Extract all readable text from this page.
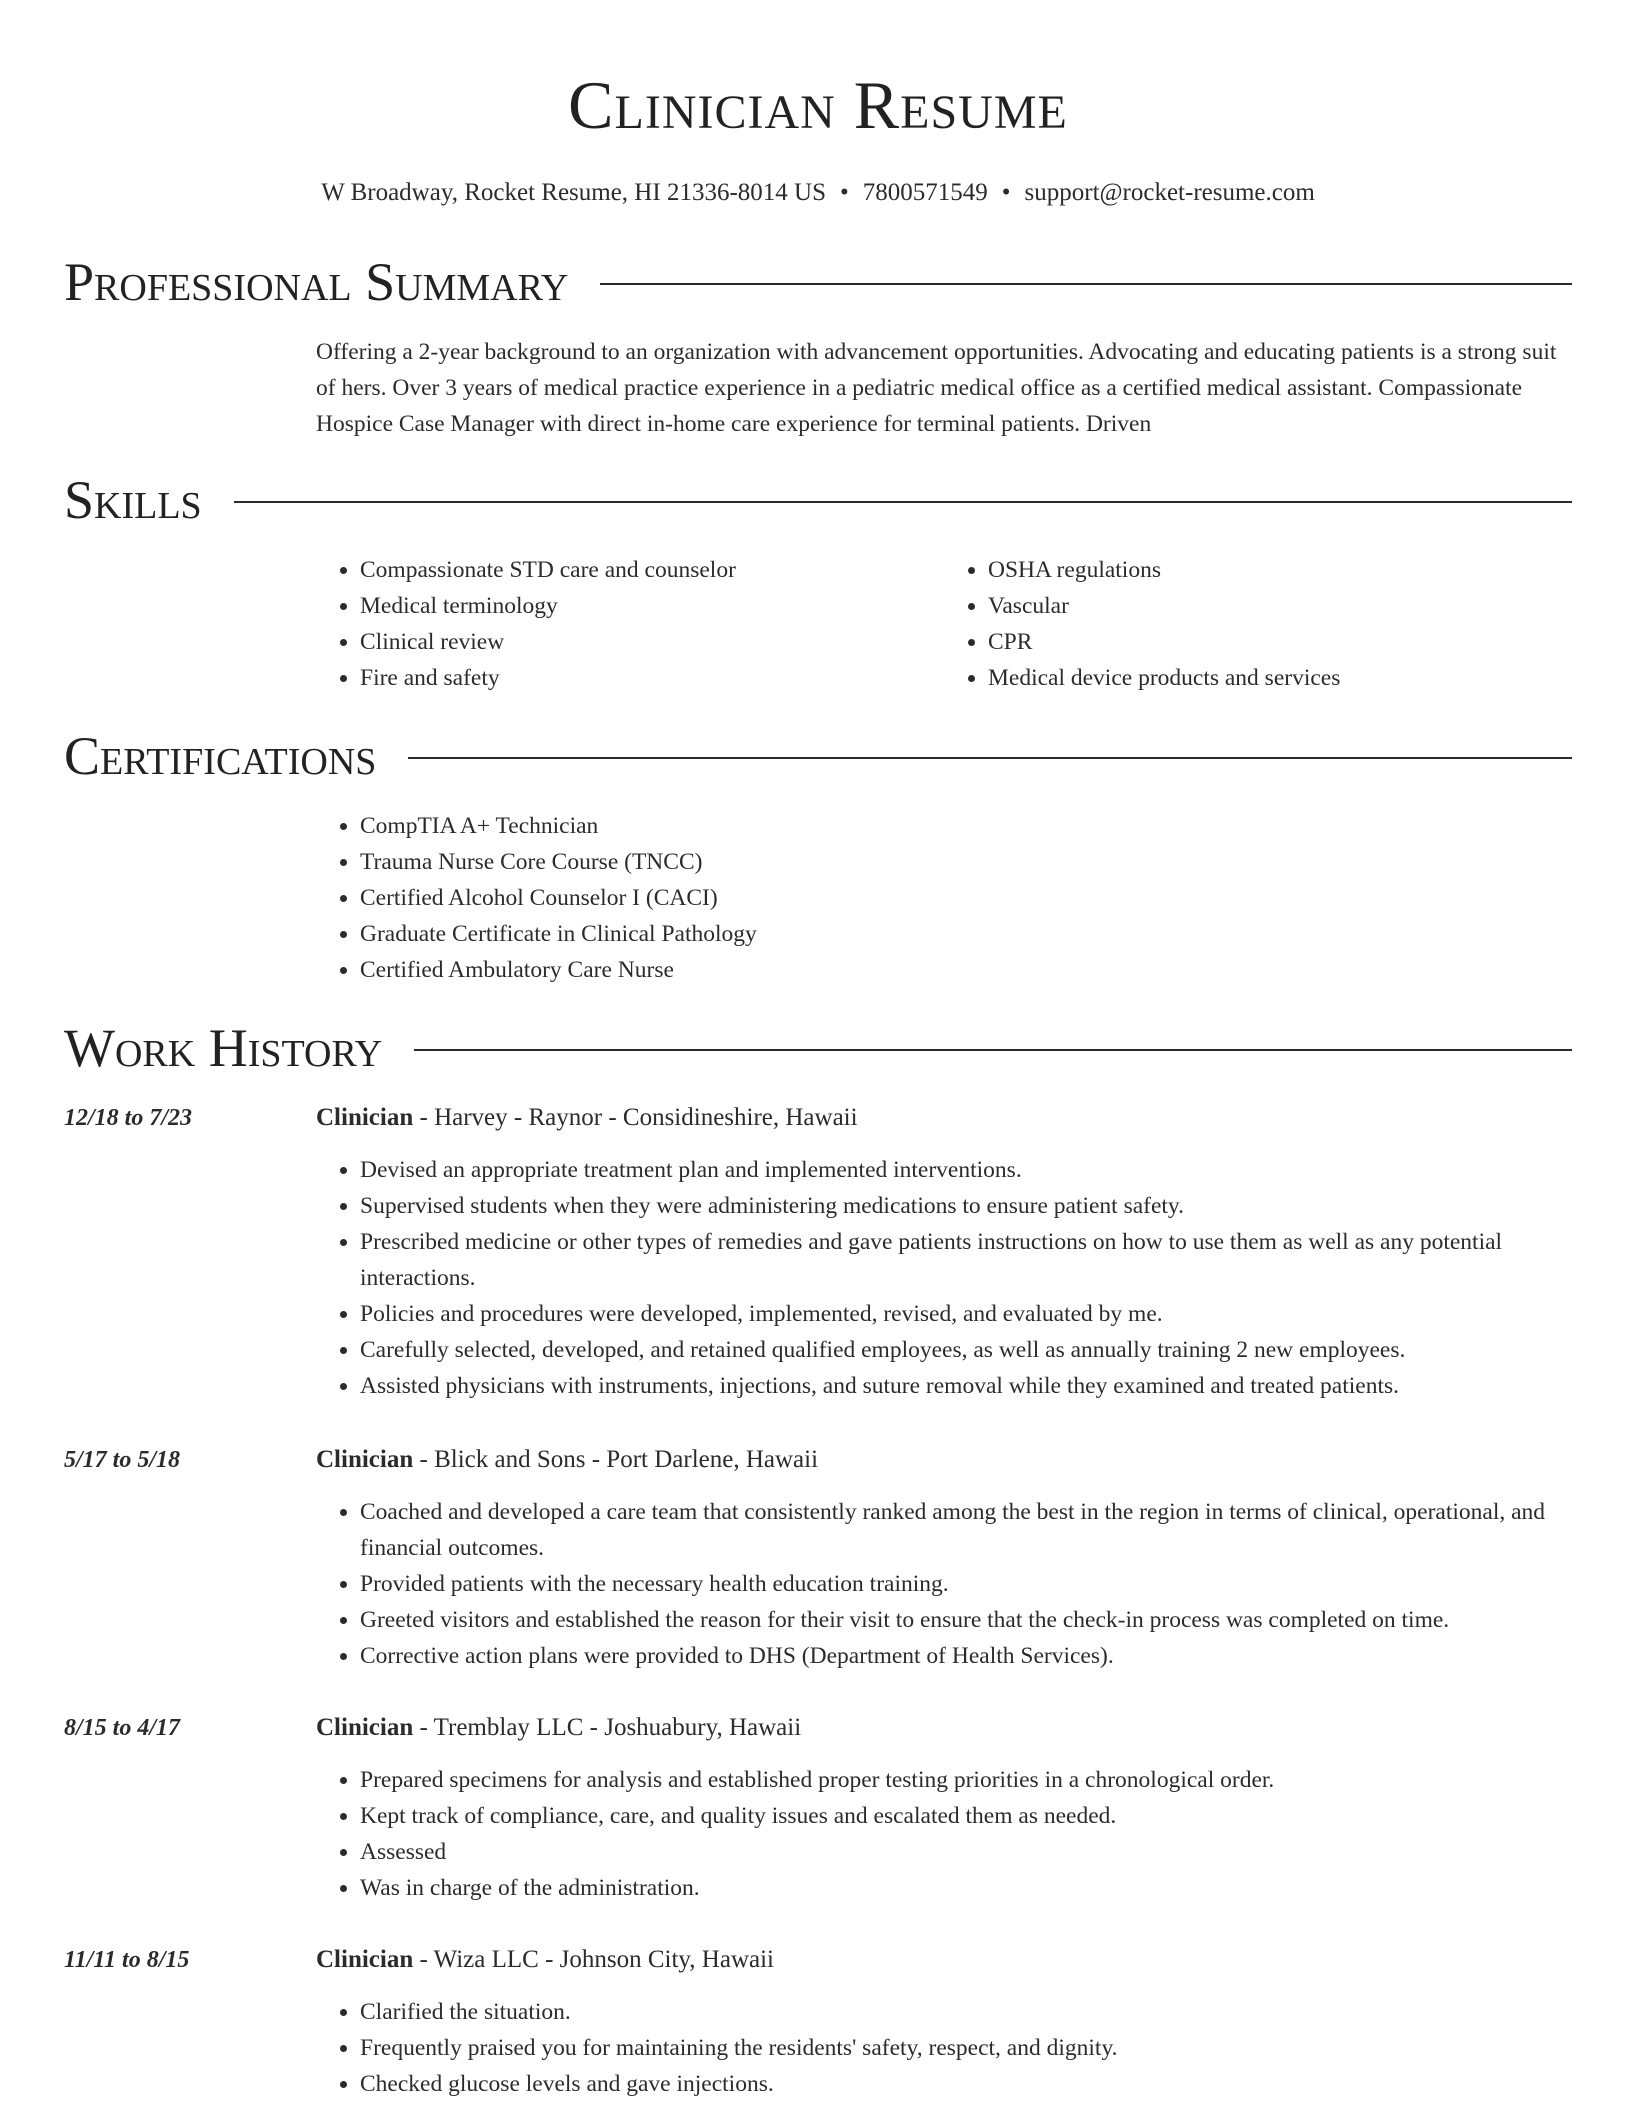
Clinician Resume
W Broadway, Rocket Resume, HI 21336-8014 US • 7800571549 • support@rocket-resume.com
Professional Summary
Offering a 2-year background to an organization with advancement opportunities. Advocating and educating patients is a strong suit of hers. Over 3 years of medical practice experience in a pediatric medical office as a certified medical assistant. Compassionate Hospice Case Manager with direct in-home care experience for terminal patients. Driven
Skills
• Compassionate STD care and counselor
• Medical terminology
• Clinical review
• Fire and safety
• OSHA regulations
• Vascular
• CPR
• Medical device products and services
Certifications
• CompTIA A+ Technician
• Trauma Nurse Core Course (TNCC)
• Certified Alcohol Counselor I (CACI)
• Graduate Certificate in Clinical Pathology
• Certified Ambulatory Care Nurse
Work History
12/18 to 7/23	Clinician - Harvey - Raynor - Considineshire, Hawaii
• Devised an appropriate treatment plan and implemented interventions.
• Supervised students when they were administering medications to ensure patient safety.
• Prescribed medicine or other types of remedies and gave patients instructions on how to use them as well as any potential interactions.
• Policies and procedures were developed, implemented, revised, and evaluated by me.
• Carefully selected, developed, and retained qualified employees, as well as annually training 2 new employees.
• Assisted physicians with instruments, injections, and suture removal while they examined and treated patients.
5/17 to 5/18	Clinician - Blick and Sons - Port Darlene, Hawaii
• Coached and developed a care team that consistently ranked among the best in the region in terms of clinical, operational, and financial outcomes.
• Provided patients with the necessary health education training.
• Greeted visitors and established the reason for their visit to ensure that the check-in process was completed on time.
• Corrective action plans were provided to DHS (Department of Health Services).
8/15 to 4/17	Clinician - Tremblay LLC - Joshuabury, Hawaii
• Prepared specimens for analysis and established proper testing priorities in a chronological order.
• Kept track of compliance, care, and quality issues and escalated them as needed.
• Assessed
• Was in charge of the administration.
11/11 to 8/15	Clinician - Wiza LLC - Johnson City, Hawaii
• Clarified the situation.
• Frequently praised you for maintaining the residents' safety, respect, and dignity.
• Checked glucose levels and gave injections.
